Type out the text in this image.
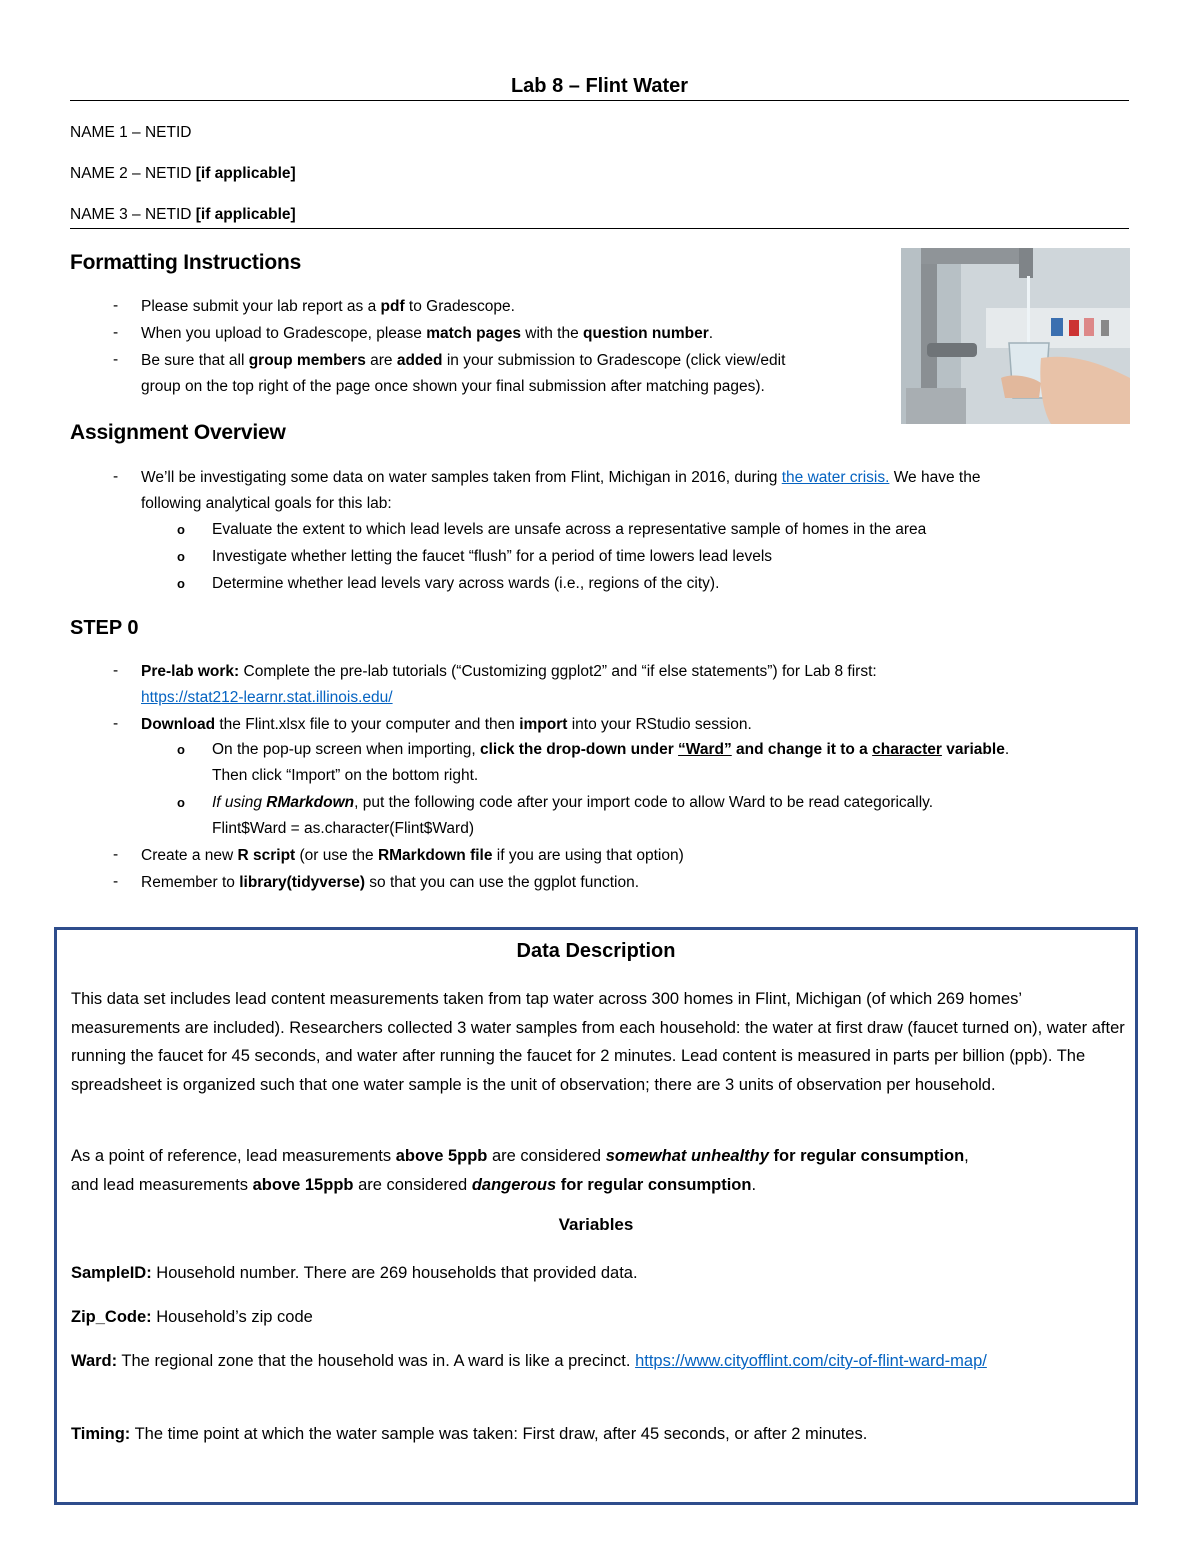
Lab 8 – Flint Water
NAME 1 – NETID
NAME 2 – NETID [if applicable]
NAME 3 – NETID [if applicable]
Formatting Instructions
- Please submit your lab report as a pdf to Gradescope.
- When you upload to Gradescope, please match pages with the question number.
- Be sure that all group members are added in your submission to Gradescope (click view/edit
group on the top right of the page once shown your final submission after matching pages).
Assignment Overview
- We’ll be investigating some data on water samples taken from Flint, Michigan in 2016, during the water crisis. We have the
following analytical goals for this lab:
o Evaluate the extent to which lead levels are unsafe across a representative sample of homes in the area
o Investigate whether letting the faucet “flush” for a period of time lowers lead levels
o Determine whether lead levels vary across wards (i.e., regions of the city).
STEP 0
- Pre-lab work: Complete the pre-lab tutorials (“Customizing ggplot2” and “if else statements”) for Lab 8 first:
https://stat212-learnr.stat.illinois.edu/
- Download the Flint.xlsx file to your computer and then import into your RStudio session.
o On the pop-up screen when importing, click the drop-down under “Ward” and change it to a character variable.
Then click “Import” on the bottom right.
o If using RMarkdown, put the following code after your import code to allow Ward to be read categorically.
Flint$Ward = as.character(Flint$Ward)
- Create a new R script (or use the RMarkdown file if you are using that option)
- Remember to library(tidyverse) so that you can use the ggplot function.
Data Description
This data set includes lead content measurements taken from tap water across 300 homes in Flint, Michigan (of which 269 homes’ measurements are included). Researchers collected 3 water samples from each household: the water at first draw (faucet turned on), water after running the faucet for 45 seconds, and water after running the faucet for 2 minutes. Lead content is measured in parts per billion (ppb). The spreadsheet is organized such that one water sample is the unit of observation; there are 3 units of observation per household.
As a point of reference, lead measurements above 5ppb are considered somewhat unhealthy for regular consumption,
and lead measurements above 15ppb are considered dangerous for regular consumption.
Variables
SampleID: Household number. There are 269 households that provided data.
Zip_Code: Household’s zip code
Ward: The regional zone that the household was in. A ward is like a precinct. https://www.cityofflint.com/city-of-flint-ward-map/
Timing: The time point at which the water sample was taken: First draw, after 45 seconds, or after 2 minutes.
